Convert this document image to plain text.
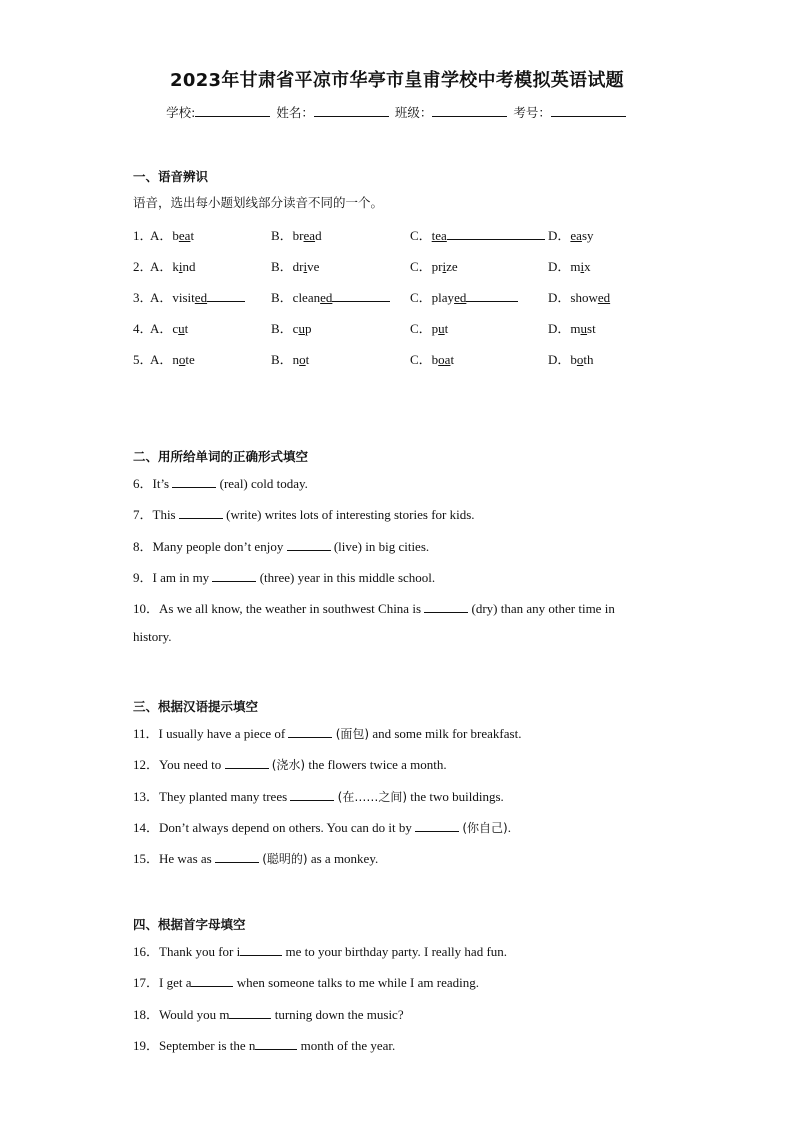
2023年甘肃省平凉市华亭市皇甫学校中考模拟英语试题
学校:	姓名：	班级：	考号：
一、语音辨识
语音，选出每小题划线部分读音不同的一个。
1．
A．beat	B．bread	C．tea	D．easy
2．
A．kind	B．drive	C．prize	D．mix
3．
A．visited	B．cleaned	C．played	D．showed
4．
A．cut	B．cup	C．put	D．must
5．
A．note	B．not	C．boat	D．both
二、用所给单词的正确形式填空
6．It’s	(real) cold today.
7．This	(write) writes lots of interesting stories for kids.
8．Many people don’t enjoy	(live) in big cities.
9．I am in my	(three) year in this middle school.
10．As we all know, the weather in southwest China is	(dry) than any other time in
history.
三、根据汉语提示填空
11．I usually have a piece of	(面包) and some milk for breakfast.
12．You need to	(浇水) the flowers twice a month.
13．They planted many trees	(在……之间) the two buildings.
14．Don’t always depend on others. You can do it by	(你自己).
15．He was as	(聪明的) as a monkey.
四、根据首字母填空
16．Thank you for i	me to your birthday party. I really had fun.
17．I get a	when someone talks to me while I am reading.
18．Would you m	turning down the music?
19．September is the n	month of the year.
